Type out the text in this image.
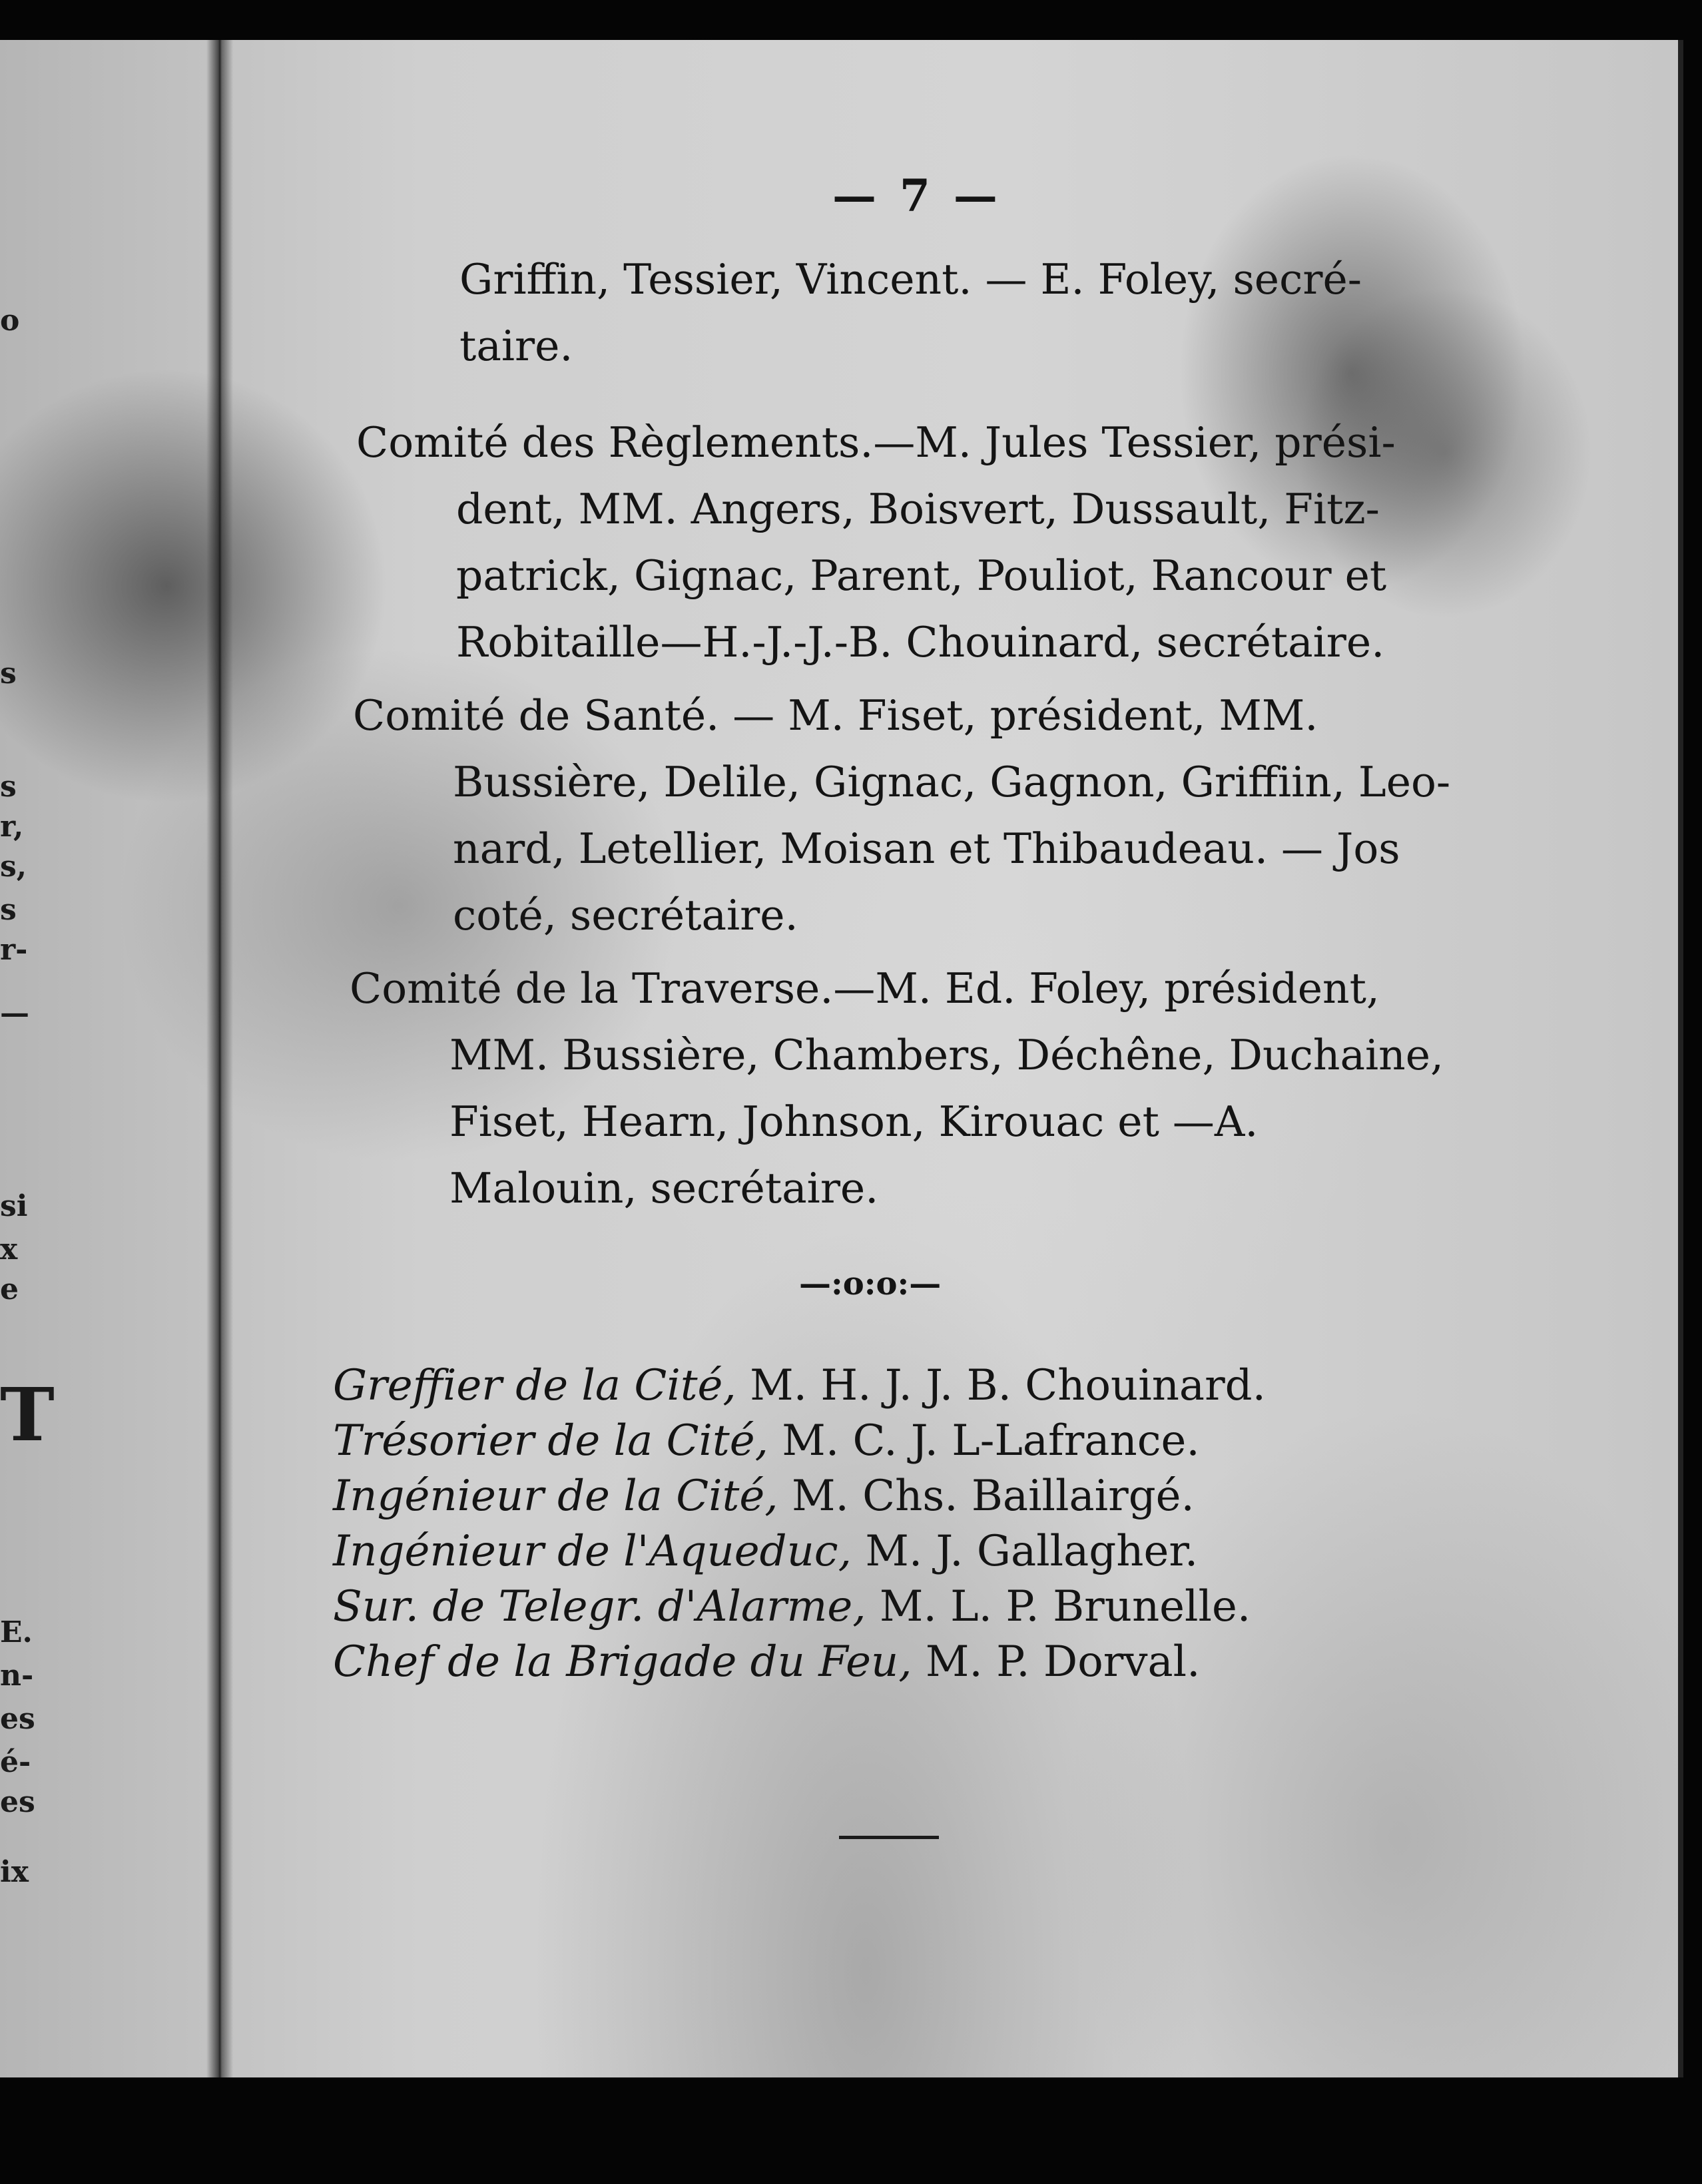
o
s
s
r,
s,
s
r-
—
si
x
e
T
E.
n-
es
é-
es
ix
— 7 —

Griffin, Tessier, Vincent. — E. Foley, secré-

taire.

Comité des Règlements.—M. Jules Tessier, prési-

dent, MM. Angers, Boisvert, Dussault, Fitz-

patrick, Gignac, Parent, Pouliot, Rancour et

Robitaille—H.-J.-J.-B. Chouinard, secrétaire.

Comité de Santé. — M. Fiset, président, MM.

Bussière, Delile, Gignac, Gagnon, Griffiin, Leo-

nard, Letellier, Moisan et Thibaudeau. — Jos

coté, secrétaire.

Comité de la Traverse.—M. Ed. Foley, président,

MM. Bussière, Chambers, Déchêne, Duchaine,

Fiset, Hearn, Johnson, Kirouac et —A.

Malouin, secrétaire.

—:o:o:—
Greffier de la Cité, M. H. J. J. B. Chouinard.
Trésorier de la Cité, M. C. J. L-Lafrance.
Ingénieur de la Cité, M. Chs. Baillairgé.
Ingénieur de l'Aqueduc, M. J. Gallagher.
Sur. de Telegr. d'Alarme, M. L. P. Brunelle.
Chef de la Brigade du Feu, M. P. Dorval.
